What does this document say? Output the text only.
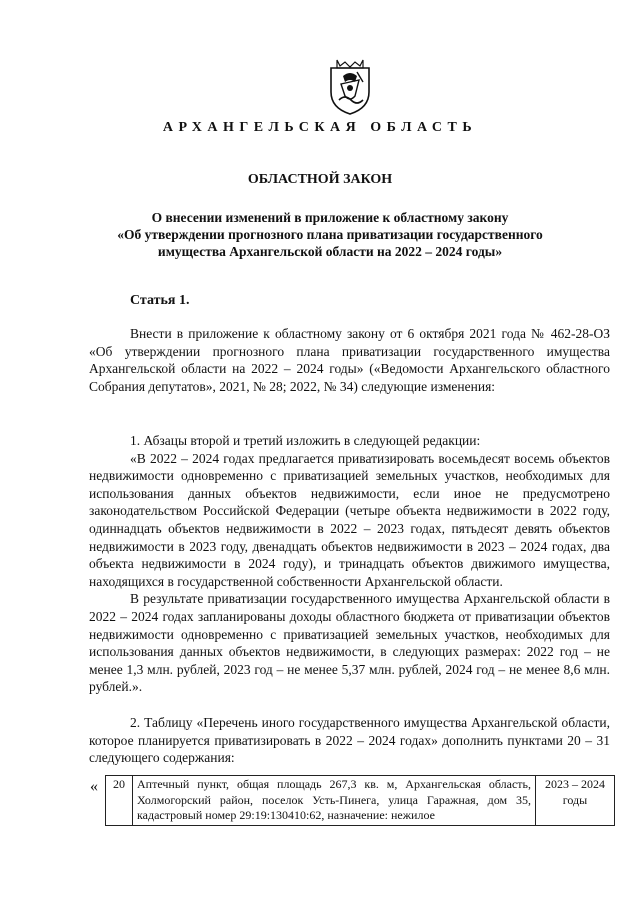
АРХАНГЕЛЬСКАЯ ОБЛАСТЬ
ОБЛАСТНОЙ ЗАКОН
О внесении изменений в приложение к областному закону
«Об утверждении прогнозного плана приватизации государственного
имущества Архангельской области на 2022 – 2024 годы»
Статья 1.

Внести в приложение к областному закону от 6 октября 2021 года № 462-28-ОЗ «Об утверждении прогнозного плана приватизации государственного имущества Архангельской области на 2022 – 2024 годы» («Ведомости Архангельского областного Собрания депутатов», 2021, № 28; 2022, № 34) следующие изменения:

1. Абзацы второй и третий изложить в следующей редакции:

«В 2022 – 2024 годах предлагается приватизировать восемьдесят восемь объектов недвижимости одновременно с приватизацией земельных участков, необходимых для использования данных объектов недвижимости, если иное не предусмотрено законодательством Российской Федерации (четыре объекта недвижимости в 2022 году, одиннадцать объектов недвижимости в 2022 – 2023 годах, пятьдесят девять объектов недвижимости в 2023 году, двенадцать объектов недвижимости в 2023 – 2024 годах, два объекта недвижимости в 2024 году), и тринадцать объектов движимого имущества, находящихся в государственной собственности Архангельской области.

В результате приватизации государственного имущества Архангельской области в 2022 – 2024 годах запланированы доходы областного бюджета от приватизации объектов недвижимости одновременно с приватизацией земельных участков, необходимых для использования данных объектов недвижимости, в следующих размерах: 2022 год – не менее 1,3 млн. рублей, 2023 год – не менее 5,37 млн. рублей, 2024 год – не менее 8,6 млн. рублей.».

2. Таблицу «Перечень иного государственного имущества Архангельской области, которое планируется приватизировать в 2022 – 2024 годах» дополнить пунктами 20 – 31 следующего содержания:

« 20	Аптечный пункт, общая площадь 267,3 кв. м, Архангельская область, Холмогорский район, поселок Усть-Пинега, улица Гаражная, дом 35, кадастровый номер 29:19:130410:62, назначение: нежилое	2023 – 2024 годы
